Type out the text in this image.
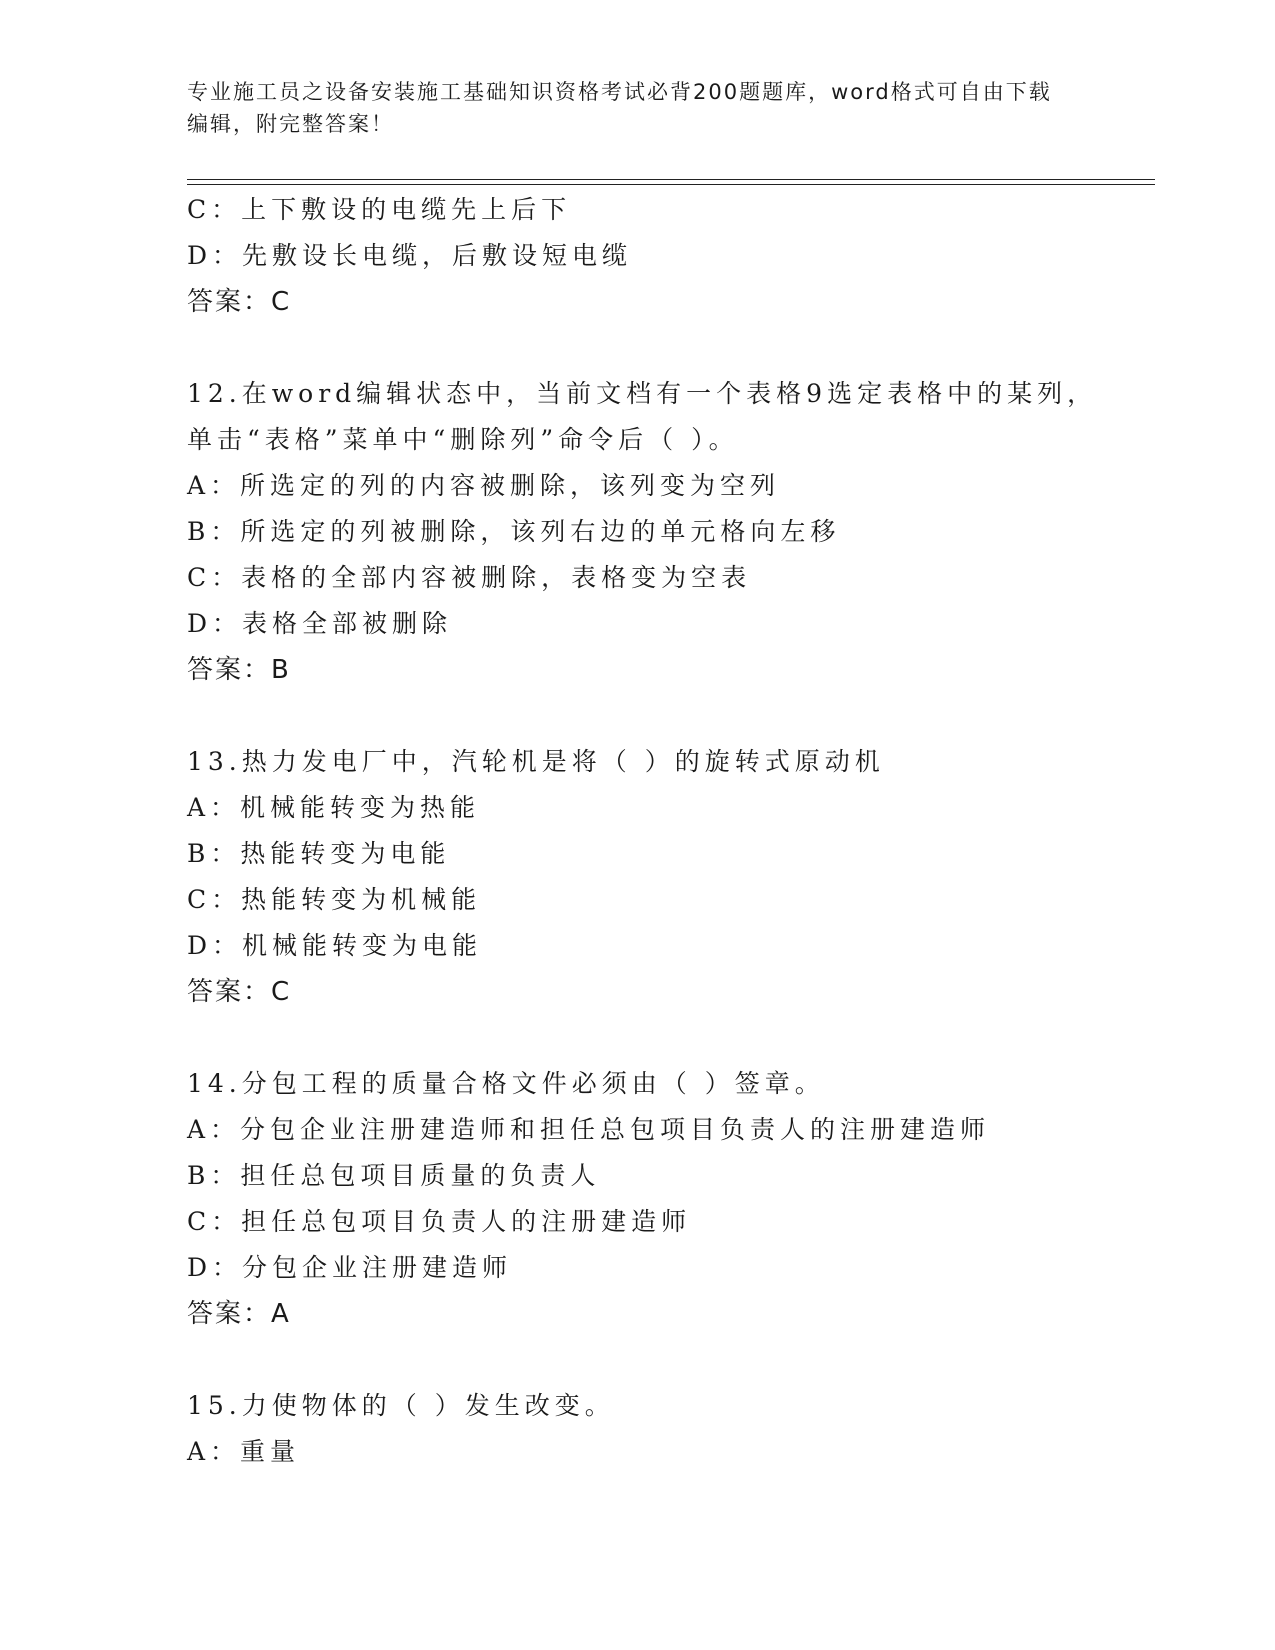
专业施工员之设备安装施工基础知识资格考试必背200题题库，word格式可自由下载编辑，附完整答案！
C：上下敷设的电缆先上后下
D：先敷设长电缆，后敷设短电缆
答案：C
12.在word编辑状态中，当前文档有一个表格9选定表格中的某列，
单击“表格”菜单中“删除列”命令后（ ）。
A：所选定的列的内容被删除，该列变为空列
B：所选定的列被删除，该列右边的单元格向左移
C：表格的全部内容被删除，表格变为空表
D：表格全部被删除
答案：B
13.热力发电厂中，汽轮机是将（ ）的旋转式原动机
A：机械能转变为热能
B：热能转变为电能
C：热能转变为机械能
D：机械能转变为电能
答案：C
14.分包工程的质量合格文件必须由（ ）签章。
A：分包企业注册建造师和担任总包项目负责人的注册建造师
B：担任总包项目质量的负责人
C：担任总包项目负责人的注册建造师
D：分包企业注册建造师
答案：A
15.力使物体的（ ）发生改变。
A：重量
